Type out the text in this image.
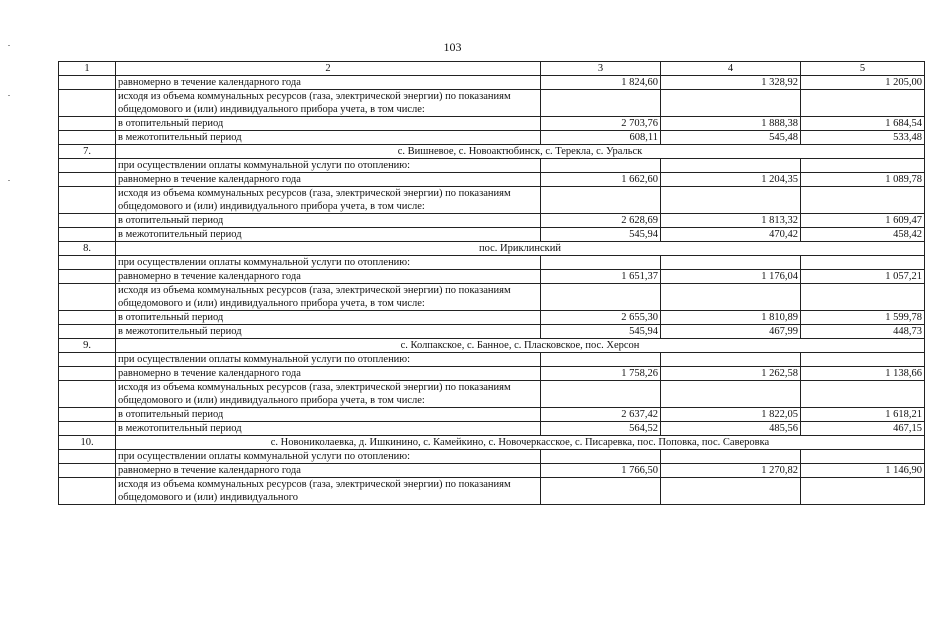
103
1	2	3	4	5
	равномерно в течение календарного года	1 824,60	1 328,92	1 205,00
	исходя из объема коммунальных ресурсов (газа, электрической энергии) по показаниям общедомового и (или) индивидуального прибора учета, в том числе:			
	в отопительный период	2 703,76	1 888,38	1 684,54
	в межотопительный период	608,11	545,48	533,48
7.	с. Вишневое, с. Новоактюбинск, с. Терекла, с. Уральск			
	при осуществлении оплаты коммунальной услуги по отоплению:			
	равномерно в течение календарного года	1 662,60	1 204,35	1 089,78
	исходя из объема коммунальных ресурсов (газа, электрической энергии) по показаниям общедомового и (или) индивидуального прибора учета, в том числе:			
	в отопительный период	2 628,69	1 813,32	1 609,47
	в межотопительный период	545,94	470,42	458,42
8.	пос. Ириклинский			
	при осуществлении оплаты коммунальной услуги по отоплению:			
	равномерно в течение календарного года	1 651,37	1 176,04	1 057,21
	исходя из объема коммунальных ресурсов (газа, электрической энергии) по показаниям общедомового и (или) индивидуального прибора учета, в том числе:			
	в отопительный период	2 655,30	1 810,89	1 599,78
	в межотопительный период	545,94	467,99	448,73
9.	с. Колпакское, с. Банное, с. Пласковское, пос. Херсон			
	при осуществлении оплаты коммунальной услуги по отоплению:			
	равномерно в течение календарного года	1 758,26	1 262,58	1 138,66
	исходя из объема коммунальных ресурсов (газа, электрической энергии) по показаниям общедомового и (или) индивидуального прибора учета, в том числе:			
	в отопительный период	2 637,42	1 822,05	1 618,21
	в межотопительный период	564,52	485,56	467,15
10.	с. Новониколаевка, д. Ишкинино, с. Камейкино, с. Новочеркасское, с. Писаревка, пос. Поповка, пос. Саверовка			
	при осуществлении оплаты коммунальной услуги по отоплению:			
	равномерно в течение календарного года	1 766,50	1 270,82	1 146,90
	исходя из объема коммунальных ресурсов (газа, электрической энергии) по показаниям общедомового и (или) индивидуального			
